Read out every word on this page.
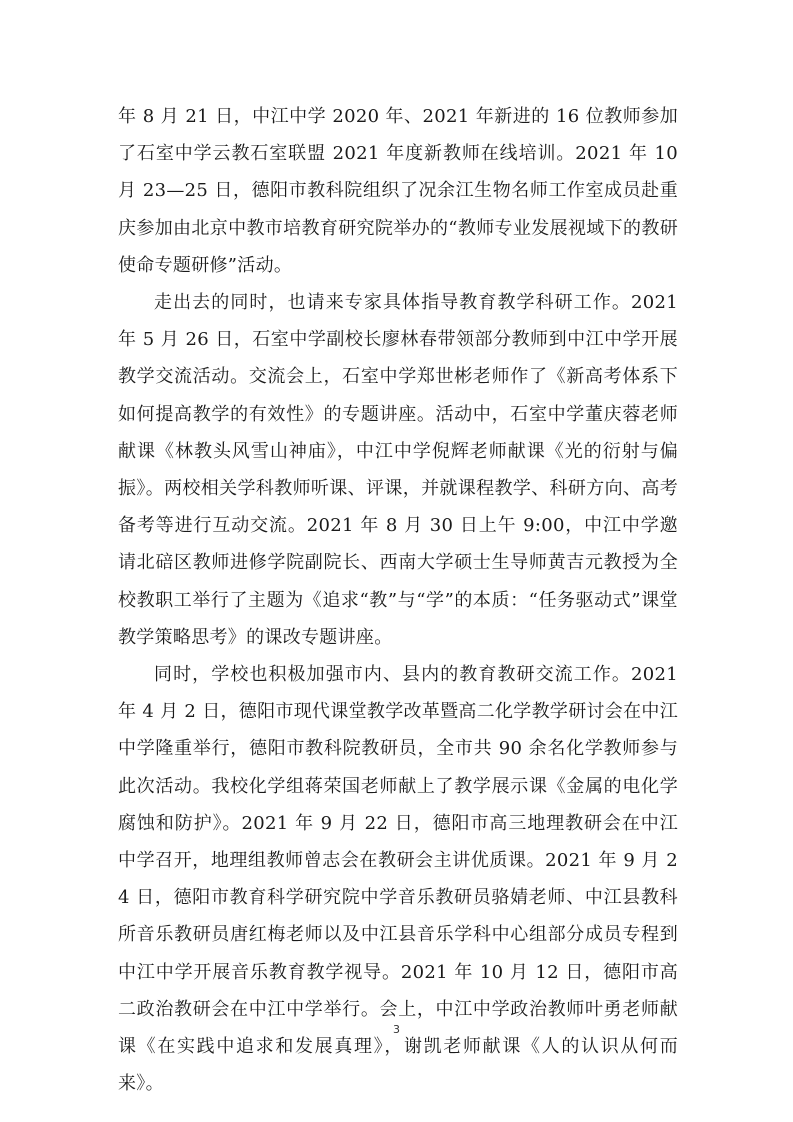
年 8 月 21 日，中江中学 2020 年、2021 年新进的 16 位教师参加了石室中学云教石室联盟 2021 年度新教师在线培训。2021 年 10 月 23—25 日，德阳市教科院组织了况余江生物名师工作室成员赴重庆参加由北京中教市培教育研究院举办的“教师专业发展视域下的教研使命专题研修”活动。

走出去的同时，也请来专家具体指导教育教学科研工作。2021 年 5 月 26 日，石室中学副校长廖林春带领部分教师到中江中学开展教学交流活动。交流会上，石室中学郑世彬老师作了《新高考体系下如何提高教学的有效性》的专题讲座。活动中，石室中学董庆蓉老师献课《林教头风雪山神庙》，中江中学倪辉老师献课《光的衍射与偏振》。两校相关学科教师听课、评课，并就课程教学、科研方向、高考备考等进行互动交流。2021 年 8 月 30 日上午 9:00，中江中学邀请北碚区教师进修学院副院长、西南大学硕士生导师黄吉元教授为全校教职工举行了主题为《追求“教”与“学”的本质：“任务驱动式”课堂教学策略思考》的课改专题讲座。

同时，学校也积极加强市内、县内的教育教研交流工作。2021 年 4 月 2 日，德阳市现代课堂教学改革暨高二化学教学研讨会在中江中学隆重举行，德阳市教科院教研员，全市共 90 余名化学教师参与此次活动。我校化学组蒋荣国老师献上了教学展示课《金属的电化学腐蚀和防护》。2021 年 9 月 22 日，德阳市高三地理教研会在中江中学召开，地理组教师曾志会在教研会主讲优质课。2021 年 9 月 24 日，德阳市教育科学研究院中学音乐教研员骆婧老师、中江县教科所音乐教研员唐红梅老师以及中江县音乐学科中心组部分成员专程到中江中学开展音乐教育教学视导。2021 年 10 月 12 日，德阳市高二政治教研会在中江中学举行。会上，中江中学政治教师叶勇老师献课《在实践中追求和发展真理》，谢凯老师献课《人的认识从何而来》。

3
